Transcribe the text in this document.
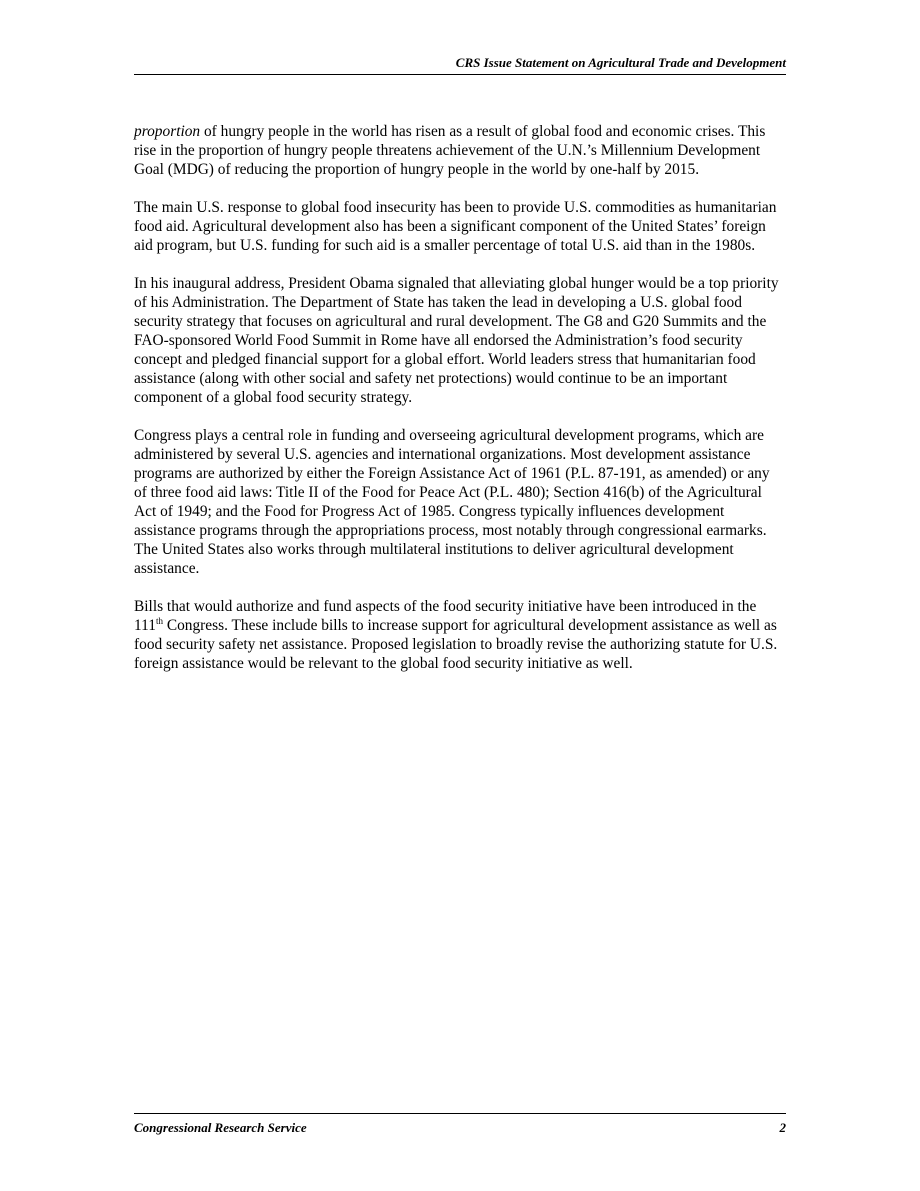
CRS Issue Statement on Agricultural Trade and Development

proportion of hungry people in the world has risen as a result of global food and economic crises. This rise in the proportion of hungry people threatens achievement of the U.N.’s Millennium Development Goal (MDG) of reducing the proportion of hungry people in the world by one-half by 2015.

The main U.S. response to global food insecurity has been to provide U.S. commodities as humanitarian food aid. Agricultural development also has been a significant component of the United States’ foreign aid program, but U.S. funding for such aid is a smaller percentage of total U.S. aid than in the 1980s.

In his inaugural address, President Obama signaled that alleviating global hunger would be a top priority of his Administration. The Department of State has taken the lead in developing a U.S. global food security strategy that focuses on agricultural and rural development. The G8 and G20 Summits and the FAO-sponsored World Food Summit in Rome have all endorsed the Administration’s food security concept and pledged financial support for a global effort. World leaders stress that humanitarian food assistance (along with other social and safety net protections) would continue to be an important component of a global food security strategy.

Congress plays a central role in funding and overseeing agricultural development programs, which are administered by several U.S. agencies and international organizations. Most development assistance programs are authorized by either the Foreign Assistance Act of 1961 (P.L. 87-191, as amended) or any of three food aid laws: Title II of the Food for Peace Act (P.L. 480); Section 416(b) of the Agricultural Act of 1949; and the Food for Progress Act of 1985. Congress typically influences development assistance programs through the appropriations process, most notably through congressional earmarks. The United States also works through multilateral institutions to deliver agricultural development assistance.

Bills that would authorize and fund aspects of the food security initiative have been introduced in the 111th Congress. These include bills to increase support for agricultural development assistance as well as food security safety net assistance. Proposed legislation to broadly revise the authorizing statute for U.S. foreign assistance would be relevant to the global food security initiative as well.

Congressional Research Service	2
